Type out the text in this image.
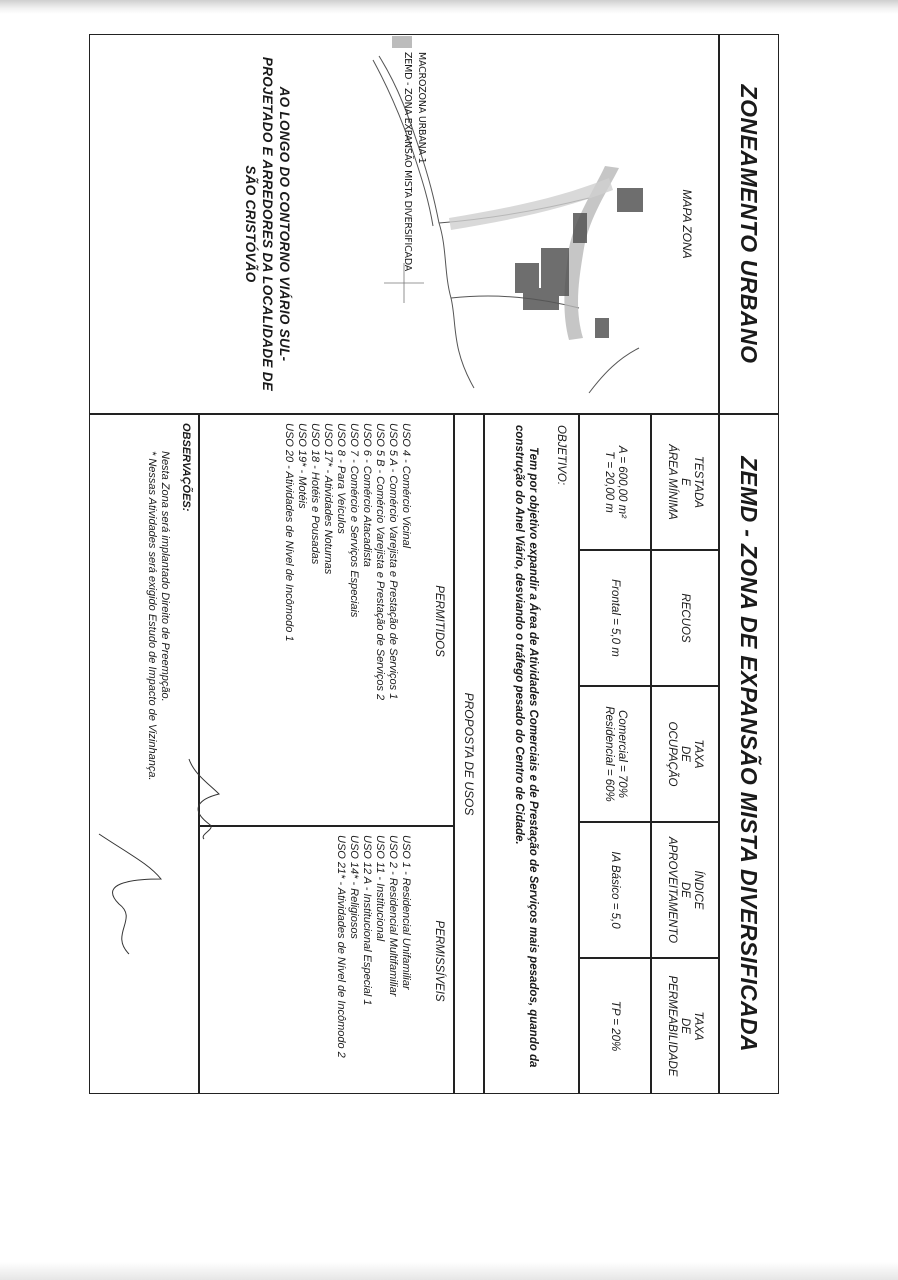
ZONEAMENTO URBANO
ZEMD - ZONA DE EXPANSÃO MISTA DIVERSIFICADA
MAPA ZONA
MACROZONA URBANA 1
ZEMD - ZONA EXPANSÃO MISTA DIVERSIFICADA
AO LONGO DO CONTORNO VIÁRIO SUL- PROJETADO E ARREDORES DA LOCALIDADE DE SÃO CRISTÓVÃO
TESTADA
E
ÁREA MÍNIMA
A = 600,00 m²
T = 20,00 m
RECUOS
Frontal = 5,0 m
TAXA
DE
OCUPAÇÃO
Comercial = 70%
Residencial = 60%
ÍNDICE
DE
APROVEITAMENTO
IA Básico = 5,0
TAXA
DE
PERMEABILIDADE
TP = 20%
OBJETIVO:
Tem por objetivo expandir a Área de Atividades Comerciais e de Prestação de Serviços mais pesados, quando da construção do Anel Viário, desviando o tráfego pesado do Centro de Cidade.
PROPOSTA DE USOS
PERMITIDOS
USO 4 - Comércio Vicinal
USO 5 A - Comércio Varejista e Prestação de Serviços 1
USO 5 B - Comércio Varejista e Prestação de Serviços 2
USO 6 - Comércio Atacadista
USO 7 - Comércio e Serviços Especiais
USO 8 - Para Veículos
USO 17* - Atividades Noturnas
USO 18 - Hotéis e Pousadas
USO 19* - Motéis
USO 20 - Atividades de Nível de Incômodo 1
PERMISSÍVEIS
USO 1 - Residencial Unifamiliar
USO 2 - Residencial Multifamiliar
USO 11 - Institucional
USO 12 A - Institucional Especial 1
USO 14* - Religiosos
USO 21* - Atividades de Nível de Incômodo 2
OBSERVAÇÕES:
Nesta Zona será implantado Direito de Preempção.
* Nessas Atividades será exigido Estudo de Impacto de Vizinhança.
